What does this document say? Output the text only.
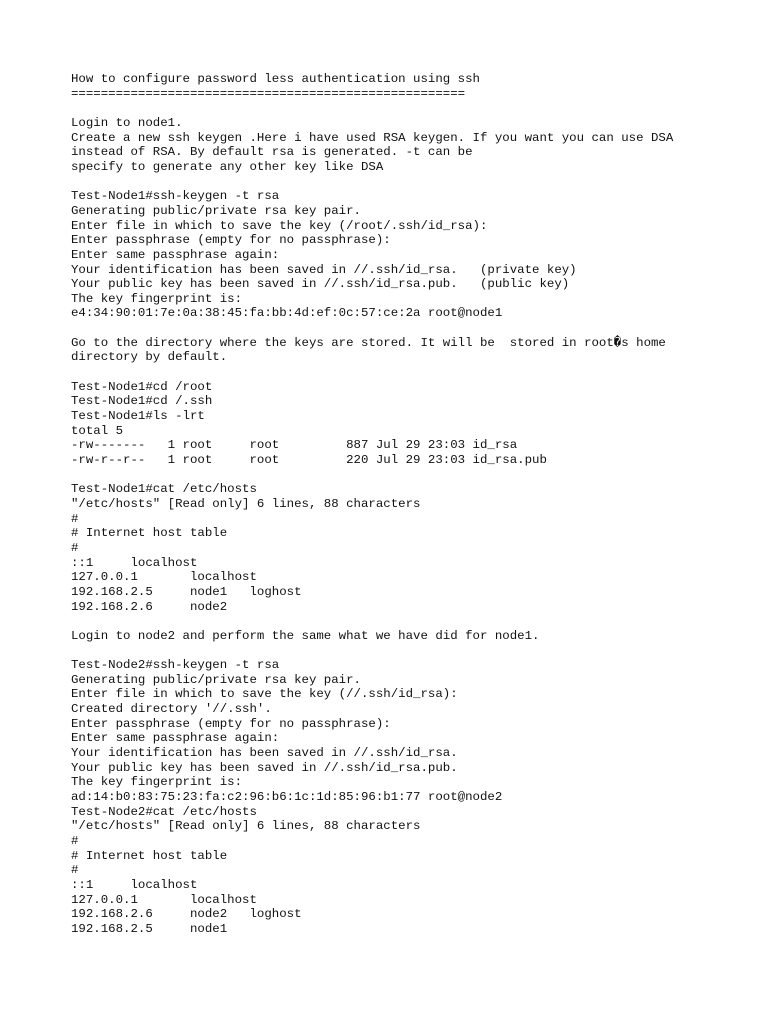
How to configure password less authentication using ssh
=====================================================
Login to node1.
Create a new ssh keygen .Here i have used RSA keygen. If you want you can use DSA
instead of RSA. By default rsa is generated. -t can be
specify to generate any other key like DSA
Test-Node1#ssh-keygen -t rsa
Generating public/private rsa key pair.
Enter file in which to save the key (/root/.ssh/id_rsa):
Enter passphrase (empty for no passphrase):
Enter same passphrase again:
Your identification has been saved in //.ssh/id_rsa.   (private key)
Your public key has been saved in //.ssh/id_rsa.pub.   (public key)
The key fingerprint is:
e4:34:90:01:7e:0a:38:45:fa:bb:4d:ef:0c:57:ce:2a root@node1
Go to the directory where the keys are stored. It will be  stored in root�s home
directory by default.
Test-Node1#cd /root
Test-Node1#cd /.ssh
Test-Node1#ls -lrt
total 5
-rw-------   1 root     root         887 Jul 29 23:03 id_rsa
-rw-r--r--   1 root     root         220 Jul 29 23:03 id_rsa.pub
Test-Node1#cat /etc/hosts
"/etc/hosts" [Read only] 6 lines, 88 characters
#
# Internet host table
#
::1     localhost
127.0.0.1       localhost
192.168.2.5     node1   loghost
192.168.2.6     node2
Login to node2 and perform the same what we have did for node1.
Test-Node2#ssh-keygen -t rsa
Generating public/private rsa key pair.
Enter file in which to save the key (//.ssh/id_rsa):
Created directory '//.ssh'.
Enter passphrase (empty for no passphrase):
Enter same passphrase again:
Your identification has been saved in //.ssh/id_rsa.
Your public key has been saved in //.ssh/id_rsa.pub.
The key fingerprint is:
ad:14:b0:83:75:23:fa:c2:96:b6:1c:1d:85:96:b1:77 root@node2
Test-Node2#cat /etc/hosts
"/etc/hosts" [Read only] 6 lines, 88 characters
#
# Internet host table
#
::1     localhost
127.0.0.1       localhost
192.168.2.6     node2   loghost
192.168.2.5     node1
